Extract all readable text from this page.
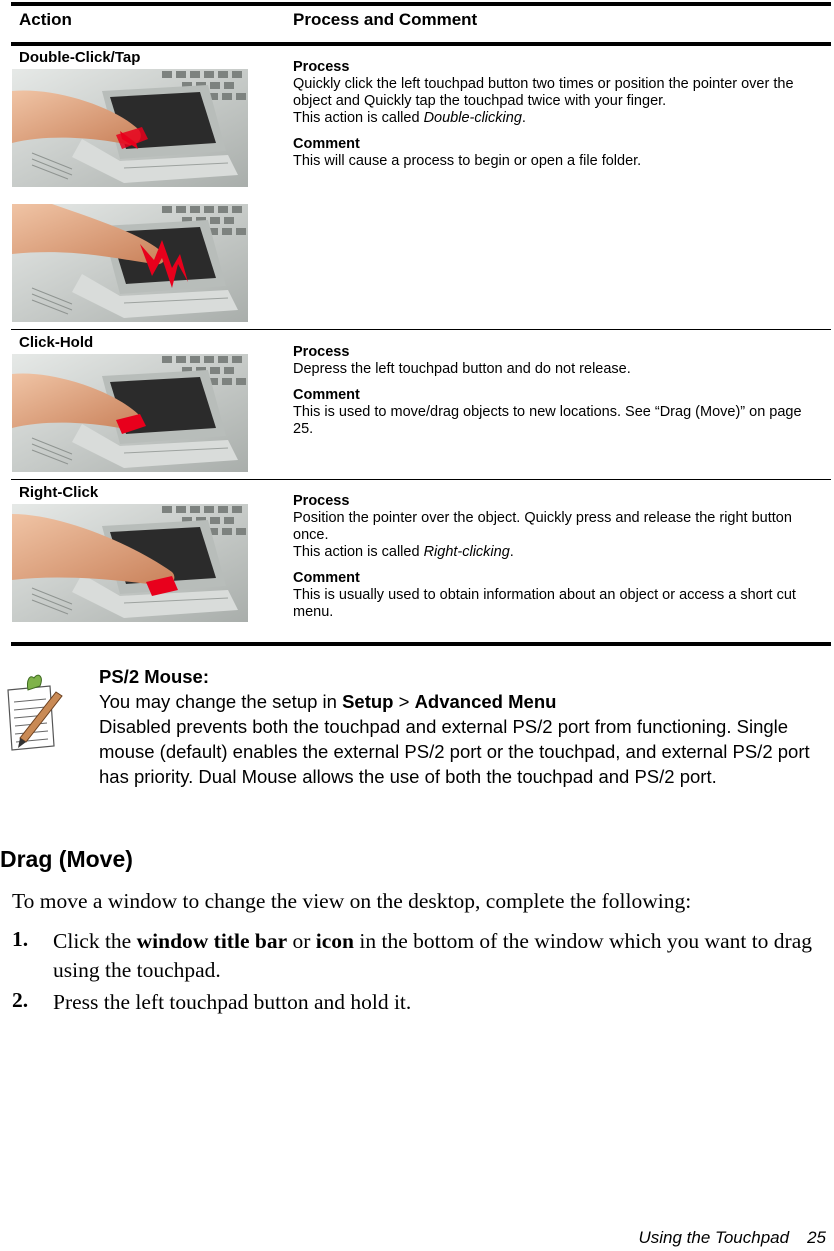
Action	Process and Comment
Double-Click/Tap

Process

Quickly click the left touchpad button two times or position the pointer over the object and Quickly tap the touchpad twice with your finger.

This action is called Double-clicking.

Comment

This will cause a process to begin or open a file folder.

Click-Hold

Process

Depress the left touchpad button and do not release.

Comment

This is used to move/drag objects to new locations. See “Drag (Move)” on page 25.

Right-Click	Process

Position the pointer over the object. Quickly press and release the right button once.

This action is called Right-clicking.

Comment

This is usually used to obtain information about an object or access a short cut menu.

PS/2 Mouse:

You may change the setup in Setup > Advanced Menu

Disabled prevents both the touchpad and external PS/2 port from functioning. Single mouse (default) enables the external PS/2 port or the touchpad, and external PS/2 port has priority. Dual Mouse allows the use of both the touchpad and PS/2 port.

Drag (Move)
To move a window to change the view on the desktop, complete the following:
1. Click the window title bar or icon in the bottom of the window which you want to drag using the touchpad.
2. Press the left touchpad button and hold it.
Using the Touchpad 25
